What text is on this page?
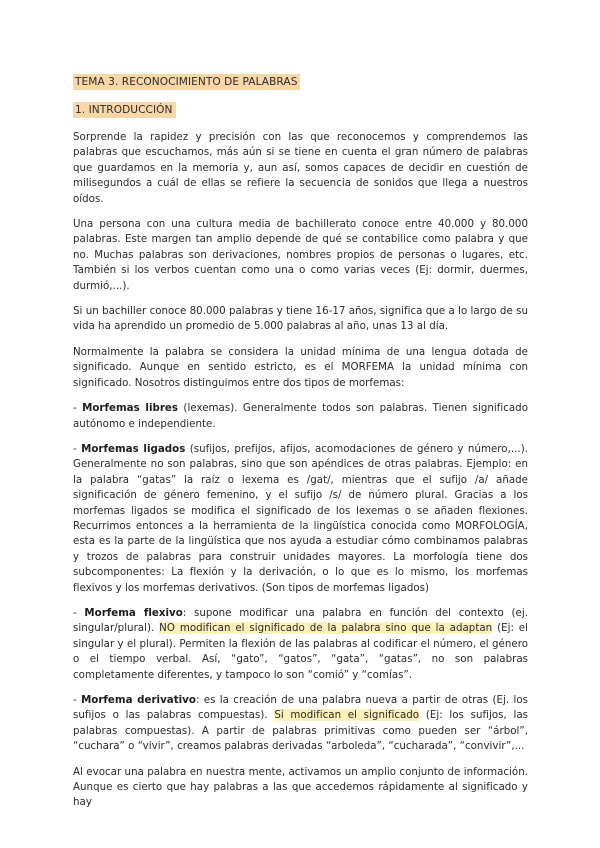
TEMA 3. RECONOCIMIENTO DE PALABRAS
1. INTRODUCCIÓN

Sorprende la rapidez y precisión con las que reconocemos y comprendemos las palabras que escuchamos, más aún si se tiene en cuenta el gran número de palabras que guardamos en la memoria y, aun así, somos capaces de decidir en cuestión de milisegundos a cuál de ellas se refiere la secuencia de sonidos que llega a nuestros oídos.

Una persona con una cultura media de bachillerato conoce entre 40.000 y 80.000 palabras. Este margen tan amplio depende de qué se contabilice como palabra y que no. Muchas palabras son derivaciones, nombres propios de personas o lugares, etc. También si los verbos cuentan como una o como varias veces (Ej: dormir, duermes, durmió,...).

Si un bachiller conoce 80.000 palabras y tiene 16-17 años, significa que a lo largo de su vida ha aprendido un promedio de 5.000 palabras al año, unas 13 al día.

Normalmente la palabra se considera la unidad mínima de una lengua dotada de significado. Aunque en sentido estricto, es el MORFEMA la unidad mínima con significado. Nosotros distinguimos entre dos tipos de morfemas:

- Morfemas libres (lexemas). Generalmente todos son palabras. Tienen significado autónomo e independiente.

- Morfemas ligados (sufijos, prefijos, afijos, acomodaciones de género y número,...). Generalmente no son palabras, sino que son apéndices de otras palabras. Ejemplo: en la palabra “gatas” la raíz o lexema es /gat/, mientras que el sufijo /a/ añade significación de género femenino, y el sufijo /s/ de número plural. Gracias a los morfemas ligados se modifica el significado de los lexemas o se añaden flexiones. Recurrimos entonces a la herramienta de la lingüística conocida como MORFOLOGÍA, esta es la parte de la lingüística que nos ayuda a estudiar cómo combinamos palabras y trozos de palabras para construir unidades mayores. La morfología tiene dos subcomponentes: La flexión y la derivación, o lo que es lo mismo, los morfemas flexivos y los morfemas derivativos. (Son tipos de morfemas ligados)

- Morfema flexivo: supone modificar una palabra en función del contexto (ej. singular/plural). NO modifican el significado de la palabra sino que la adaptan (Ej: el singular y el plural). Permiten la flexión de las palabras al codificar el número, el género o el tiempo verbal. Así, “gato”, “gatos”, “gata”, “gatas”, no son palabras completamente diferentes, y tampoco lo son “comió” y “comías”.

- Morfema derivativo: es la creación de una palabra nueva a partir de otras (Ej. los sufijos o las palabras compuestas). Si modifican el significado (Ej: los sufijos, las palabras compuestas). A partir de palabras primitivas como pueden ser “árbol”, “cuchara” o “vivir”, creamos palabras derivadas “arboleda”, “cucharada”, “convivir”,...

Al evocar una palabra en nuestra mente, activamos un amplio conjunto de información. Aunque es cierto que hay palabras a las que accedemos rápidamente al significado y hay
